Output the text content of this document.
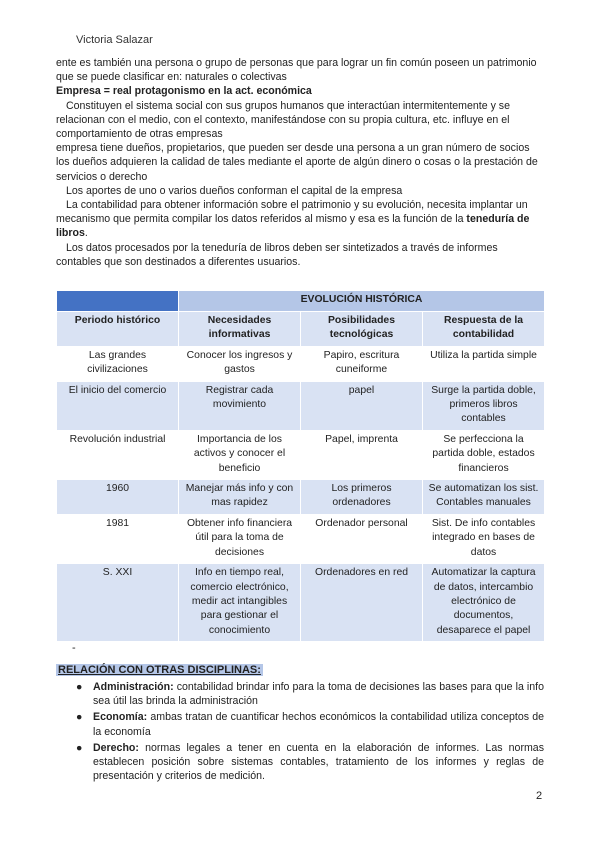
Victoria Salazar

ente es también una persona o grupo de personas que para lograr un fin común poseen un patrimonio que se puede clasificar en: naturales o colectivas

Empresa = real protagonismo en la act. económica

Constituyen el sistema social con sus grupos humanos que interactúan intermitentemente y se relacionan con el medio, con el contexto, manifestándose con su propia cultura, etc. influye en el comportamiento de otras empresas

empresa tiene dueños, propietarios, que pueden ser desde una persona a un gran número de socios los dueños adquieren la calidad de tales mediante el aporte de algún dinero o cosas o la prestación de servicios o derecho

Los aportes de uno o varios dueños conforman el capital de la empresa

La contabilidad para obtener información sobre el patrimonio y su evolución, necesita implantar un mecanismo que permita compilar los datos referidos al mismo y esa es la función de la teneduría de libros.

Los datos procesados por la teneduría de libros deben ser sintetizados a través de informes contables que son destinados a diferentes usuarios.

	EVOLUCIÓN HISTÓRICA		
Periodo histórico	Necesidades informativas	Posibilidades tecnológicas	Respuesta de la contabilidad
Las grandes civilizaciones	Conocer los ingresos y gastos	Papiro, escritura cuneiforme	Utiliza la partida simple
El inicio del comercio	Registrar cada movimiento	papel	Surge la partida doble, primeros libros contables
Revolución industrial	Importancia de los activos y conocer el beneficio	Papel, imprenta	Se perfecciona la partida doble, estados financieros
1960	Manejar más info y con mas rapidez	Los primeros ordenadores	Se automatizan los sist. Contables manuales
1981	Obtener info financiera útil para la toma de decisiones	Ordenador personal	Sist. De info contables integrado en bases de datos
S. XXI	Info en tiempo real, comercio electrónico, medir act intangibles para gestionar el conocimiento	Ordenadores en red	Automatizar la captura de datos, intercambio electrónico de documentos, desaparece el papel
-
RELACIÓN CON OTRAS DISCIPLINAS:
● Administración: contabilidad brindar info para la toma de decisiones las bases para que la info sea útil las brinda la administración
● Economía: ambas tratan de cuantificar hechos económicos la contabilidad utiliza conceptos de la economía
● Derecho: normas legales a tener en cuenta en la elaboración de informes. Las normas establecen posición sobre sistemas contables, tratamiento de los informes y reglas de presentación y criterios de medición.
2
